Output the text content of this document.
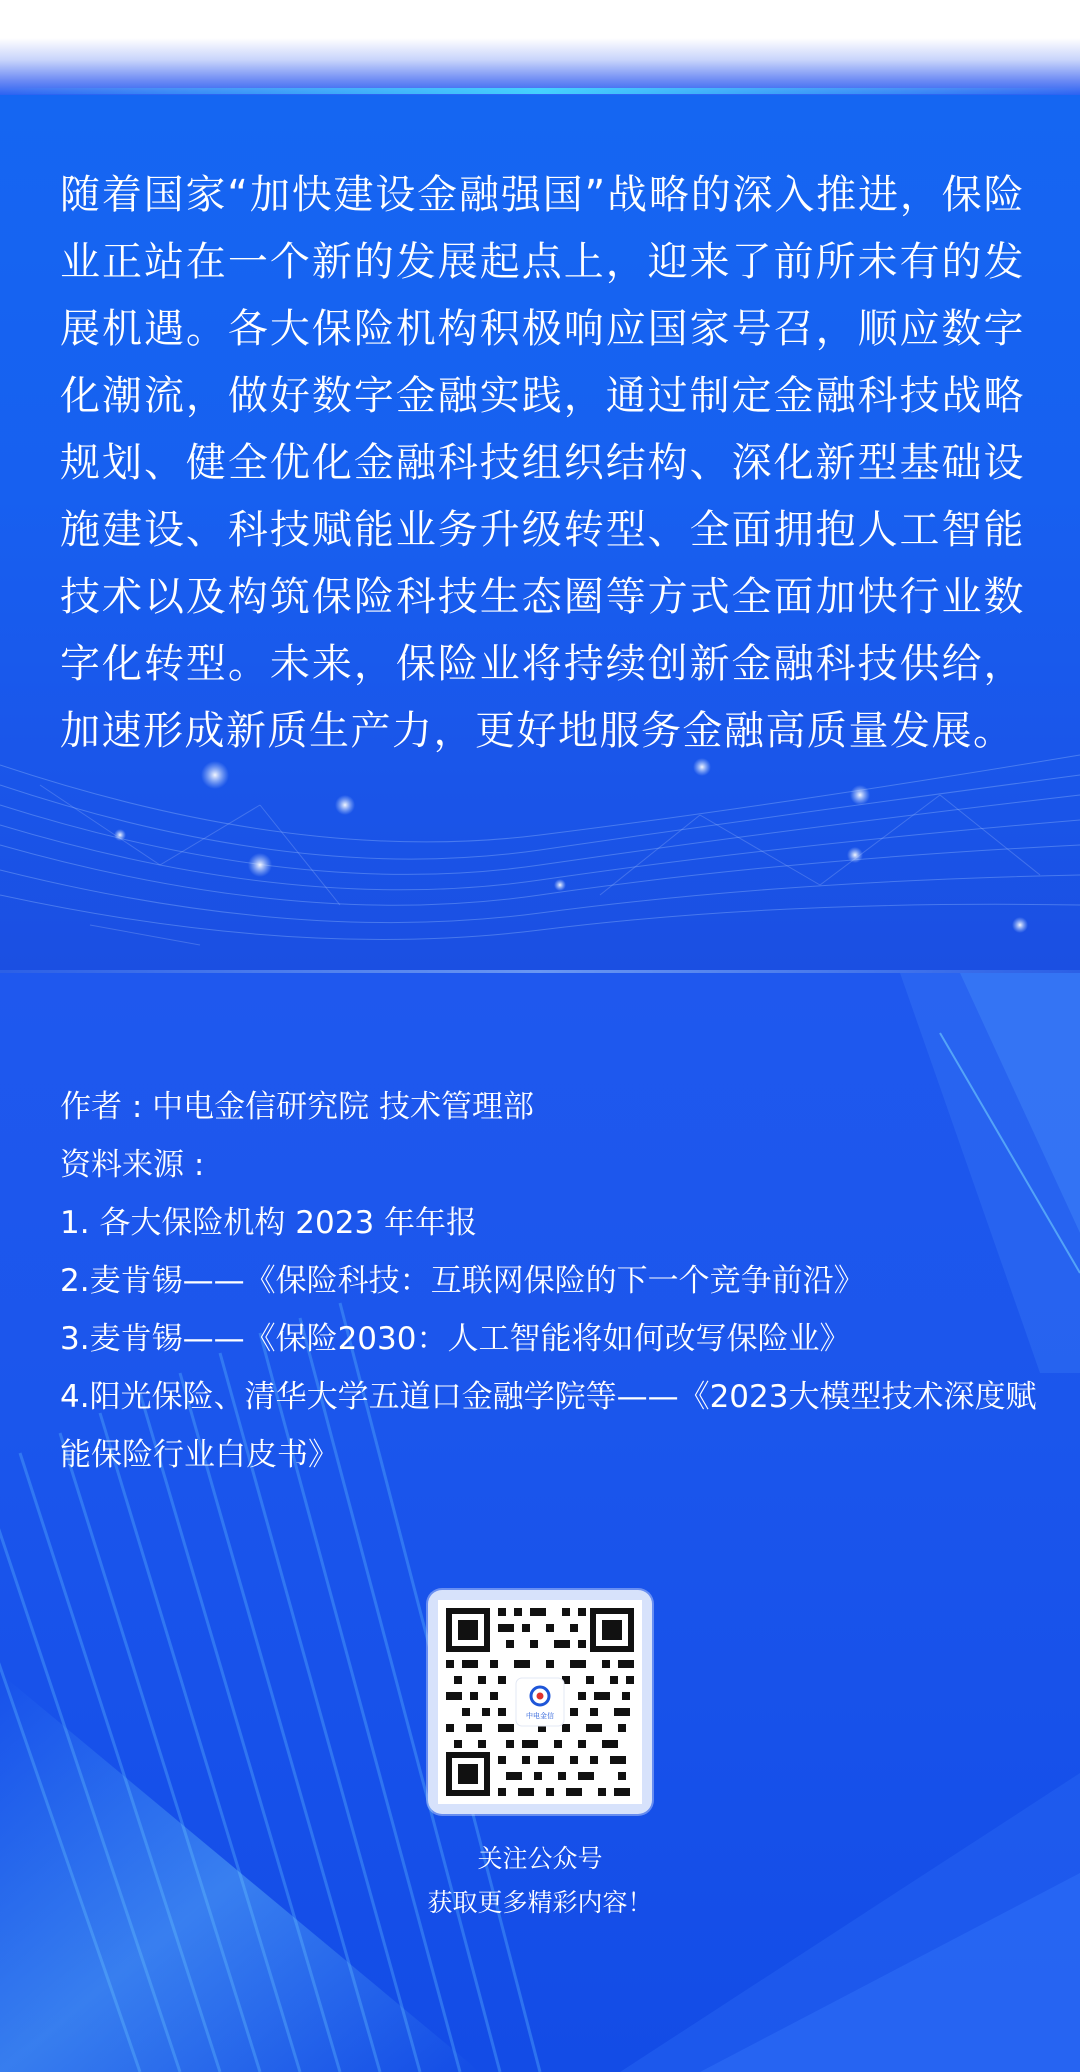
随着国家“加快建设金融强国”战略的深入推进，保险业正站在一个新的发展起点上，迎来了前所未有的发展机遇。各大保险机构积极响应国家号召，顺应数字化潮流，做好数字金融实践，通过制定金融科技战略规划、健全优化金融科技组织结构、深化新型基础设施建设、科技赋能业务升级转型、全面拥抱人工智能技术以及构筑保险科技生态圈等方式全面加快行业数字化转型。未来，保险业将持续创新金融科技供给，加速形成新质生产力，更好地服务金融高质量发展。

作者 : 中电金信研究院 技术管理部
资料来源 :
1. 各大保险机构 2023 年年报
2.麦肯锡——《保险科技：互联网保险的下一个竞争前沿》
3.麦肯锡——《保险2030：人工智能将如何改写保险业》
4.阳光保险、清华大学五道口金融学院等——《2023大模型技术深度赋能保险行业白皮书》
中电金信
关注公众号
获取更多精彩内容！
